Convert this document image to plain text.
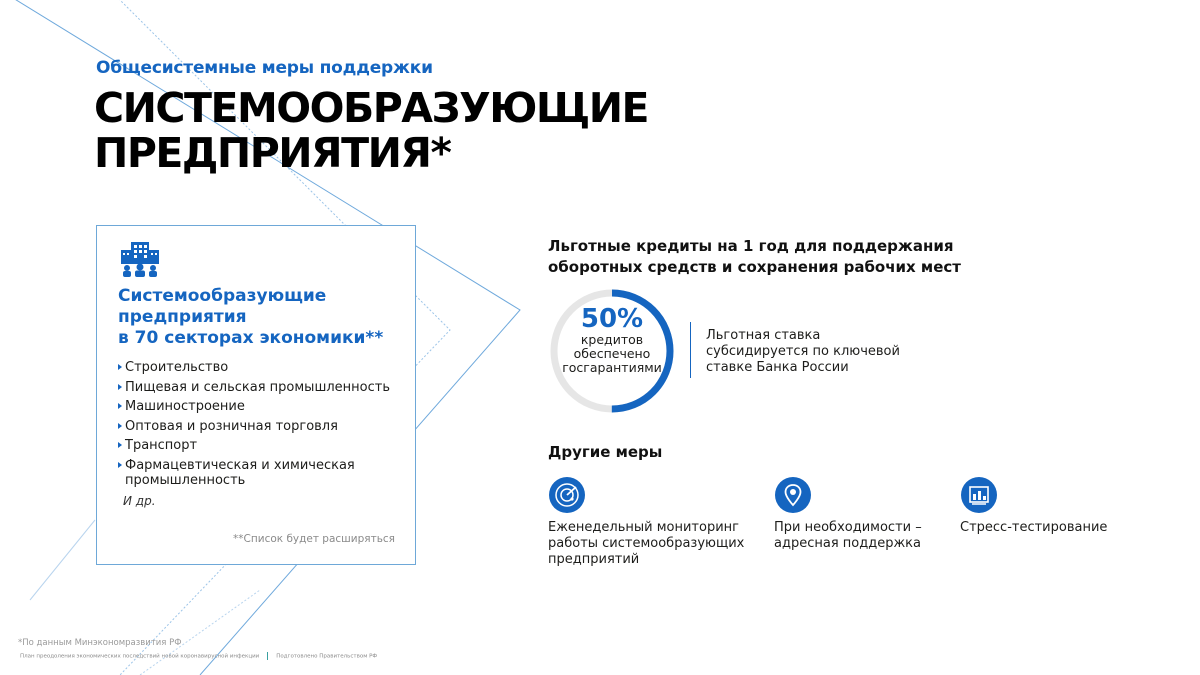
Общесистемные меры поддержки
СИСТЕМООБРАЗУЮЩИЕ
ПРЕДПРИЯТИЯ*
Системообразующие
предприятия
в 70 секторах экономики**
Строительство
Пищевая и сельская промышленность
Машиностроение
Оптовая и розничная торговля
Транспорт
Фармацевтическая и химическая промышленность
И др.
**Список будет расширяться
Льготные кредиты на 1 год для поддержания
оборотных средств и сохранения рабочих мест
50%
кредитов
обеспечено
госгарантиями
Льготная ставка субсидируется по ключевой ставке Банка России
Другие меры
Еженедельный мониторинг работы системообразующих предприятий
При необходимости – адресная поддержка
Стресс-тестирование
*По данным Минэкономразвития РФ
План преодоления экономических последствий новой коронавирусной инфекции	Подготовлено Правительством РФ
